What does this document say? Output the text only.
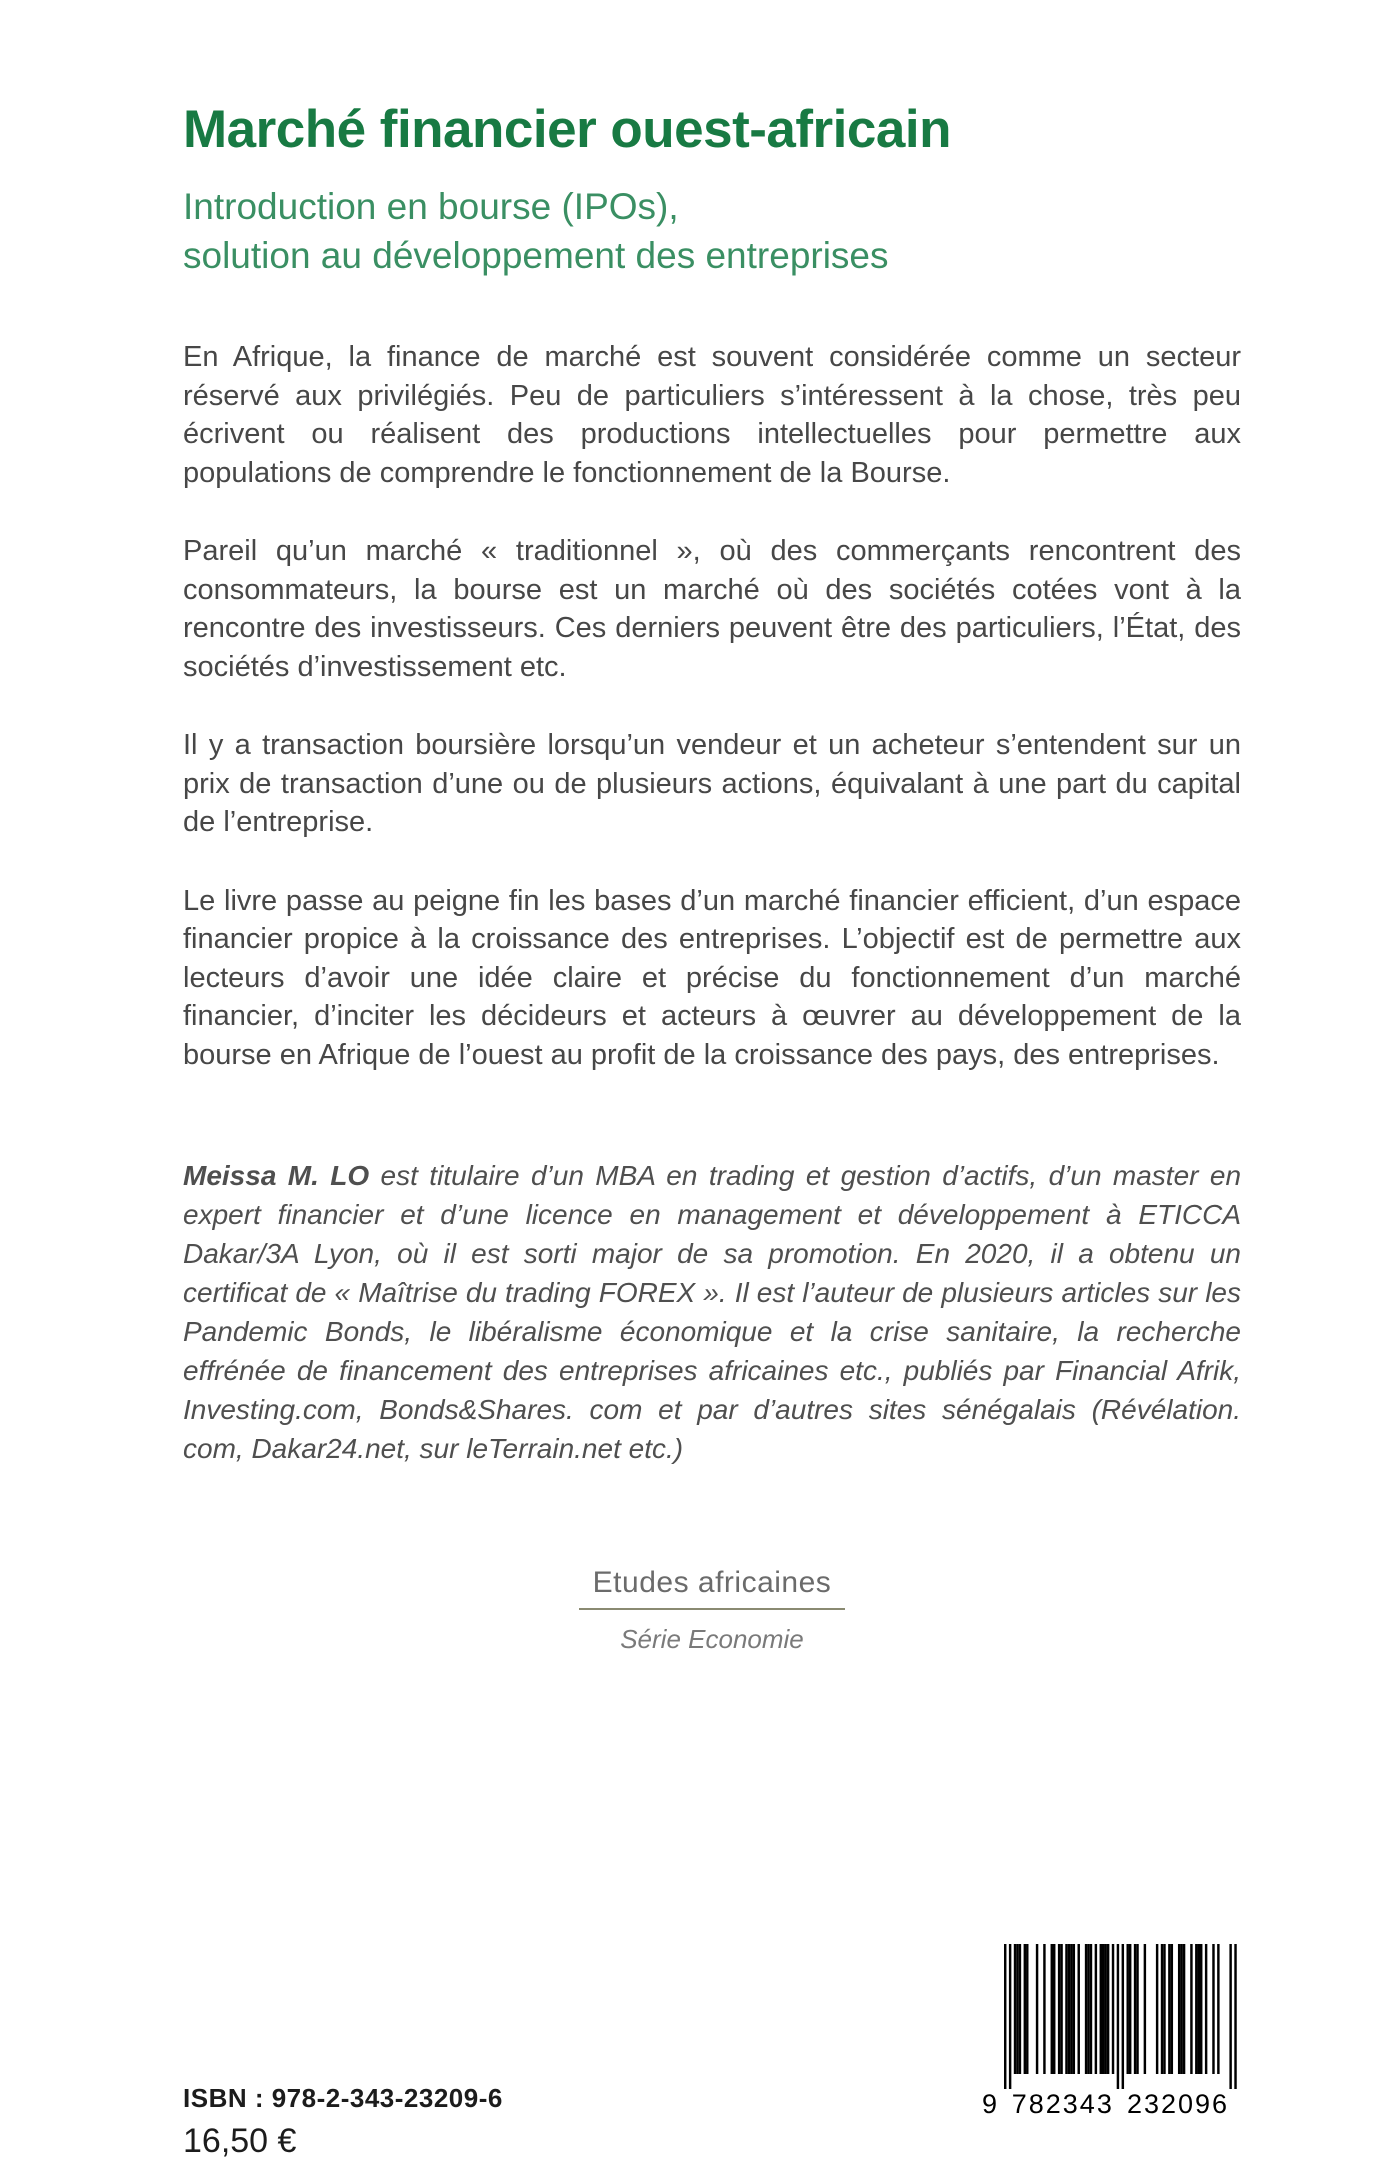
Marché financier ouest-africain
Introduction en bourse (IPOs),
solution au développement des entreprises

En Afrique, la finance de marché est souvent considérée comme un secteur réservé aux privilégiés. Peu de particuliers s’intéressent à la chose, très peu écrivent ou réalisent des productions intellectuelles pour permettre aux populations de comprendre le fonctionnement de la Bourse.

Pareil qu’un marché « traditionnel », où des commerçants rencontrent des consommateurs, la bourse est un marché où des sociétés cotées vont à la rencontre des investisseurs. Ces derniers peuvent être des particuliers, l’État, des sociétés d’investissement etc.

Il y a transaction boursière lorsqu’un vendeur et un acheteur s’entendent sur un prix de transaction d’une ou de plusieurs actions, équivalant à une part du capital de l’entreprise.

Le livre passe au peigne fin les bases d’un marché financier efficient, d’un espace financier propice à la croissance des entreprises. L’objectif est de permettre aux lecteurs d’avoir une idée claire et précise du fonctionnement d’un marché financier, d’inciter les décideurs et acteurs à œuvrer au développement de la bourse en Afrique de l’ouest au profit de la croissance des pays, des entreprises.

Meissa M. LO est titulaire d’un MBA en trading et gestion d’actifs, d’un master en expert financier et d’une licence en management et développement à ETICCA Dakar/3A Lyon, où il est sorti major de sa promotion. En 2020, il a obtenu un certificat de « Maîtrise du trading FOREX ». Il est l’auteur de plusieurs articles sur les Pandemic Bonds, le libéralisme économique et la crise sanitaire, la recherche effrénée de financement des entreprises africaines etc., publiés par Financial Afrik, Investing.com, Bonds&Shares. com et par d’autres sites sénégalais (Révélation. com, Dakar24.net, sur leTerrain.net etc.)
Etudes africaines
Série Economie
ISBN : 978-2-343-23209-6
16,50 €
9 782343 232096
